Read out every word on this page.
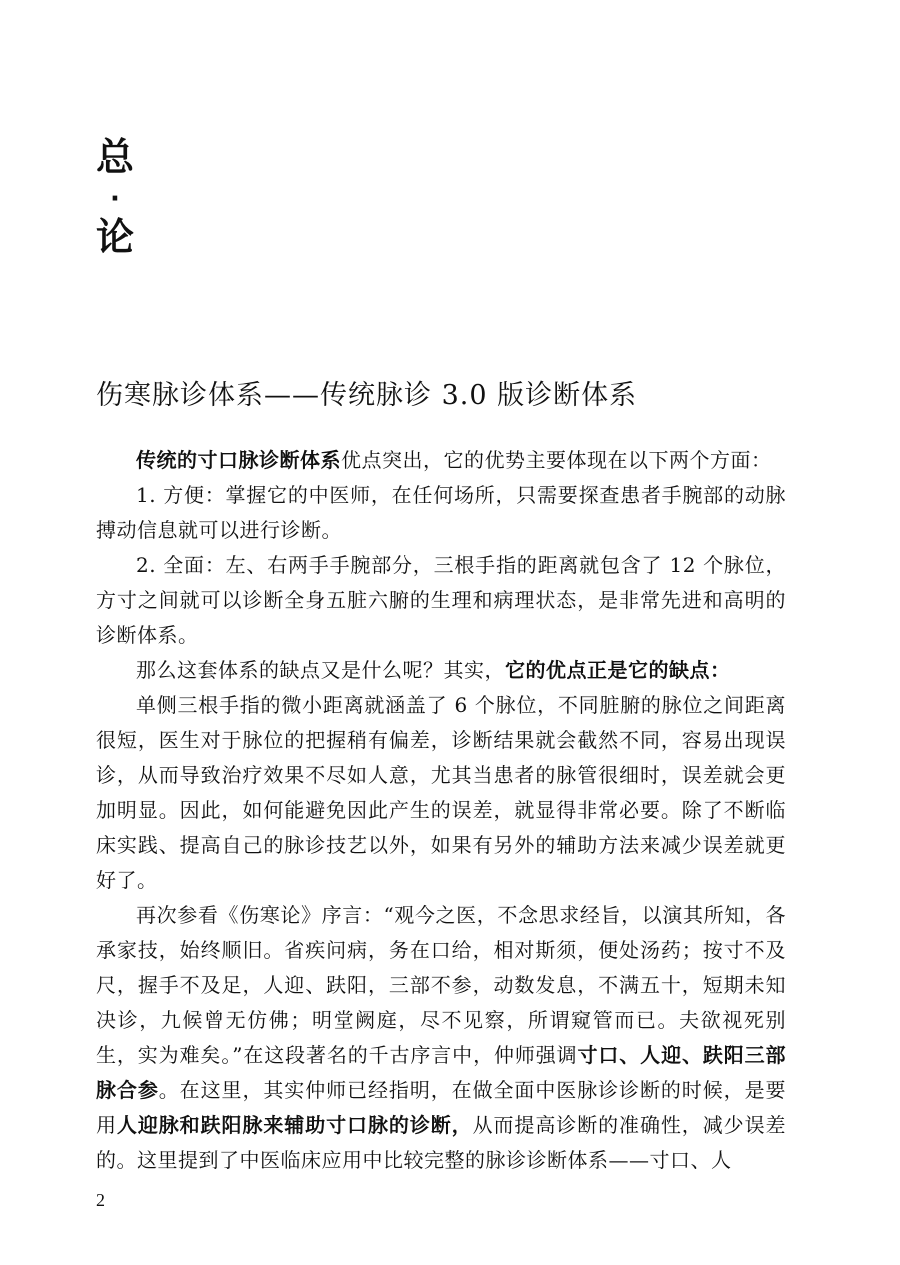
总
·
论
伤寒脉诊体系——传统脉诊 3.0 版诊断体系

传统的寸口脉诊断体系优点突出，它的优势主要体现在以下两个方面：

1. 方便：掌握它的中医师，在任何场所，只需要探查患者手腕部的动脉搏动信息就可以进行诊断。

2. 全面：左、右两手手腕部分，三根手指的距离就包含了 12 个脉位，方寸之间就可以诊断全身五脏六腑的生理和病理状态，是非常先进和高明的诊断体系。

那么这套体系的缺点又是什么呢？其实，它的优点正是它的缺点：

单侧三根手指的微小距离就涵盖了 6 个脉位，不同脏腑的脉位之间距离很短，医生对于脉位的把握稍有偏差，诊断结果就会截然不同，容易出现误诊，从而导致治疗效果不尽如人意，尤其当患者的脉管很细时，误差就会更加明显。因此，如何能避免因此产生的误差，就显得非常必要。除了不断临床实践、提高自己的脉诊技艺以外，如果有另外的辅助方法来减少误差就更好了。

再次参看《伤寒论》序言：“观今之医，不念思求经旨，以演其所知，各承家技，始终顺旧。省疾问病，务在口给，相对斯须，便处汤药；按寸不及尺，握手不及足，人迎、趺阳，三部不参，动数发息，不满五十，短期未知决诊，九候曾无仿佛；明堂阙庭，尽不见察，所谓窥管而已。夫欲视死别生，实为难矣。”在这段著名的千古序言中，仲师强调寸口、人迎、趺阳三部脉合参。在这里，其实仲师已经指明，在做全面中医脉诊诊断的时候，是要用人迎脉和趺阳脉来辅助寸口脉的诊断，从而提高诊断的准确性，减少误差的。这里提到了中医临床应用中比较完整的脉诊诊断体系——寸口、人

2
